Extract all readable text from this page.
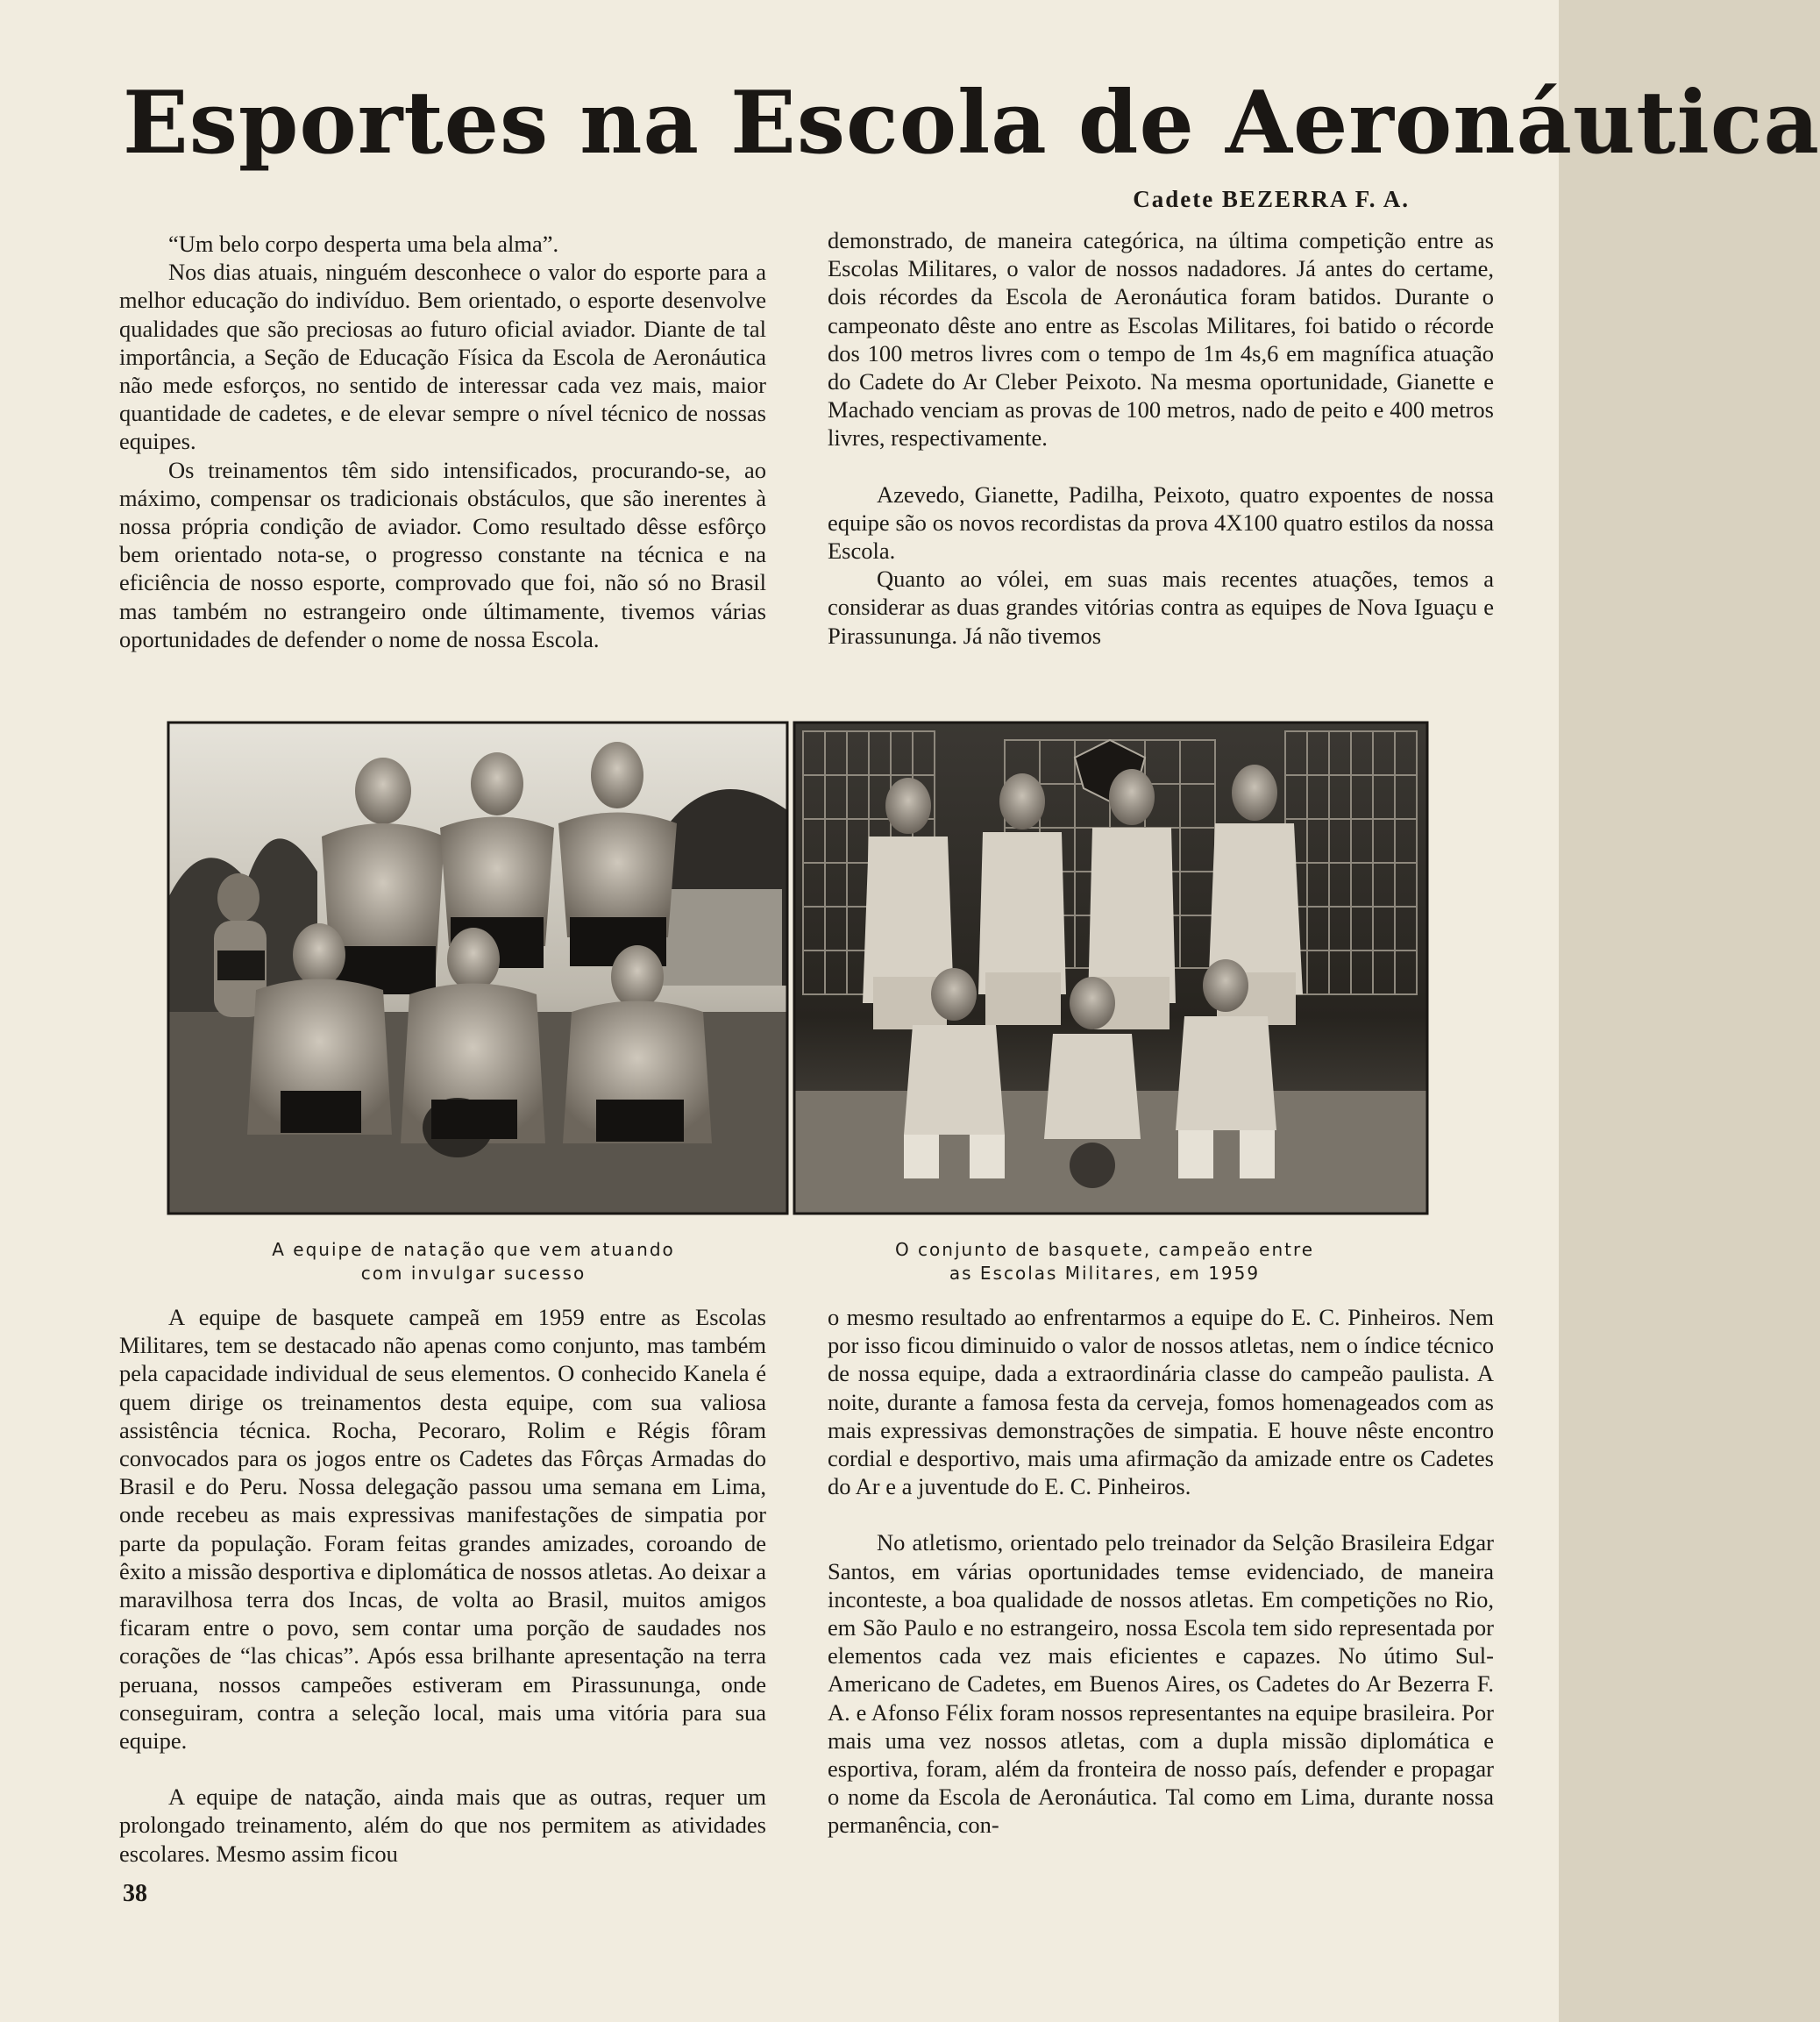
Esportes na Escola de Aeronáutica
Cadete BEZERRA F. A.

“Um belo corpo desperta uma bela alma”.

Nos dias atuais, ninguém desconhece o valor do esporte para a melhor educação do indivíduo. Bem orientado, o esporte desenvolve qualidades que são preciosas ao futuro oficial aviador. Diante de tal importância, a Seção de Educação Física da Escola de Aeronáutica não mede esforços, no sentido de interessar cada vez mais, maior quantidade de cadetes, e de elevar sempre o nível técnico de nossas equipes.

Os treinamentos têm sido intensificados, procurando-se, ao máximo, compensar os tradicionais obstáculos, que são inerentes à nossa própria condição de aviador. Como resultado dêsse esfôrço bem orientado nota-se, o progresso constante na técnica e na eficiência de nosso esporte, comprovado que foi, não só no Brasil mas também no estrangeiro onde últimamente, tivemos várias oportunidades de defender o nome de nossa Escola.

demonstrado, de maneira categórica, na última competição entre as Escolas Militares, o valor de nossos nadadores. Já antes do certame, dois récordes da Escola de Aeronáutica foram batidos. Durante o campeonato dêste ano entre as Escolas Militares, foi batido o récorde dos 100 metros livres com o tempo de 1m 4s,6 em magnífica atuação do Cadete do Ar Cleber Peixoto. Na mesma oportunidade, Gianette e Machado venciam as provas de 100 metros, nado de peito e 400 metros livres, respectivamente.

Azevedo, Gianette, Padilha, Peixoto, quatro expoentes de nossa equipe são os novos recordistas da prova 4X100 quatro estilos da nossa Escola.

Quanto ao vólei, em suas mais recentes atuações, temos a considerar as duas grandes vitórias contra as equipes de Nova Iguaçu e Pirassununga. Já não tivemos

A equipe de natação que vem atuando
com invulgar sucesso
O conjunto de basquete, campeão entre
as Escolas Militares, em 1959

A equipe de basquete campeã em 1959 entre as Escolas Militares, tem se destacado não apenas como conjunto, mas também pela capacidade individual de seus elementos. O conhecido Kanela é quem dirige os treinamentos desta equipe, com sua valiosa assistência técnica. Rocha, Pecoraro, Rolim e Régis fôram convocados para os jogos entre os Cadetes das Fôrças Armadas do Brasil e do Peru. Nossa delegação passou uma semana em Lima, onde recebeu as mais expressivas manifestações de simpatia por parte da população. Foram feitas grandes amizades, coroando de êxito a missão desportiva e diplomática de nossos atletas. Ao deixar a maravilhosa terra dos Incas, de volta ao Brasil, muitos amigos ficaram entre o povo, sem contar uma porção de saudades nos corações de “las chicas”. Após essa brilhante apresentação na terra peruana, nossos campeões estiveram em Pirassununga, onde conseguiram, contra a seleção local, mais uma vitória para sua equipe.

A equipe de natação, ainda mais que as outras, requer um prolongado treinamento, além do que nos permitem as atividades escolares. Mesmo assim ficou

o mesmo resultado ao enfrentarmos a equipe do E. C. Pinheiros. Nem por isso ficou diminuido o valor de nossos atletas, nem o índice técnico de nossa equipe, dada a extraordinária classe do campeão paulista. A noite, durante a famosa festa da cerveja, fomos homenageados com as mais expressivas demonstrações de simpatia. E houve nêste encontro cordial e desportivo, mais uma afirmação da amizade entre os Cadetes do Ar e a juventude do E. C. Pinheiros.

No atletismo, orientado pelo treinador da Selção Brasileira Edgar Santos, em várias oportunidades temse evidenciado, de maneira inconteste, a boa qualidade de nossos atletas. Em competições no Rio, em São Paulo e no estrangeiro, nossa Escola tem sido representada por elementos cada vez mais eficientes e capazes. No útimo Sul-Americano de Cadetes, em Buenos Aires, os Cadetes do Ar Bezerra F. A. e Afonso Félix foram nossos representantes na equipe brasileira. Por mais uma vez nossos atletas, com a dupla missão diplomática e esportiva, foram, além da fronteira de nosso país, defender e propagar o nome da Escola de Aeronáutica. Tal como em Lima, durante nossa permanência, con-

38
